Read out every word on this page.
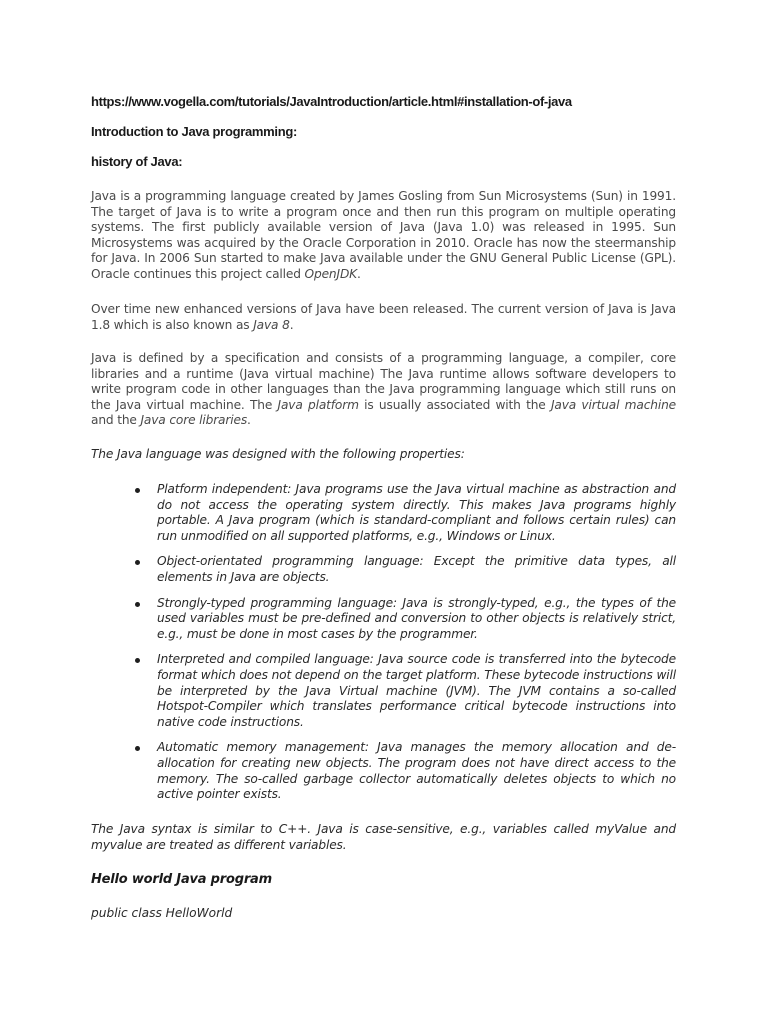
https://www.vogella.com/tutorials/JavaIntroduction/article.html#installation-of-java
Introduction to Java programming:
history of Java:

Java is a programming language created by James Gosling from Sun Microsystems (Sun) in 1991. The target of Java is to write a program once and then run this program on multiple operating systems. The first publicly available version of Java (Java 1.0) was released in 1995. Sun Microsystems was acquired by the Oracle Corporation in 2010. Oracle has now the steermanship for Java. In 2006 Sun started to make Java available under the GNU General Public License (GPL). Oracle continues this project called OpenJDK.

Over time new enhanced versions of Java have been released. The current version of Java is Java 1.8 which is also known as Java 8.

Java is defined by a specification and consists of a programming language, a compiler, core libraries and a runtime (Java virtual machine) The Java runtime allows software developers to write program code in other languages than the Java programming language which still runs on the Java virtual machine. The Java platform is usually associated with the Java virtual machine and the Java core libraries.

The Java language was designed with the following properties:

Platform independent: Java programs use the Java virtual machine as abstraction and do not access the operating system directly. This makes Java programs highly portable. A Java program (which is standard-compliant and follows certain rules) can run unmodified on all supported platforms, e.g., Windows or Linux.
Object-orientated programming language: Except the primitive data types, all elements in Java are objects.
Strongly-typed programming language: Java is strongly-typed, e.g., the types of the used variables must be pre-defined and conversion to other objects is relatively strict, e.g., must be done in most cases by the programmer.
Interpreted and compiled language: Java source code is transferred into the bytecode format which does not depend on the target platform. These bytecode instructions will be interpreted by the Java Virtual machine (JVM). The JVM contains a so-called Hotspot-Compiler which translates performance critical bytecode instructions into native code instructions.
Automatic memory management: Java manages the memory allocation and de-allocation for creating new objects. The program does not have direct access to the memory. The so-called garbage collector automatically deletes objects to which no active pointer exists.

The Java syntax is similar to C++. Java is case-sensitive, e.g., variables called myValue and myvalue are treated as different variables.

Hello world Java program
public class HelloWorld
